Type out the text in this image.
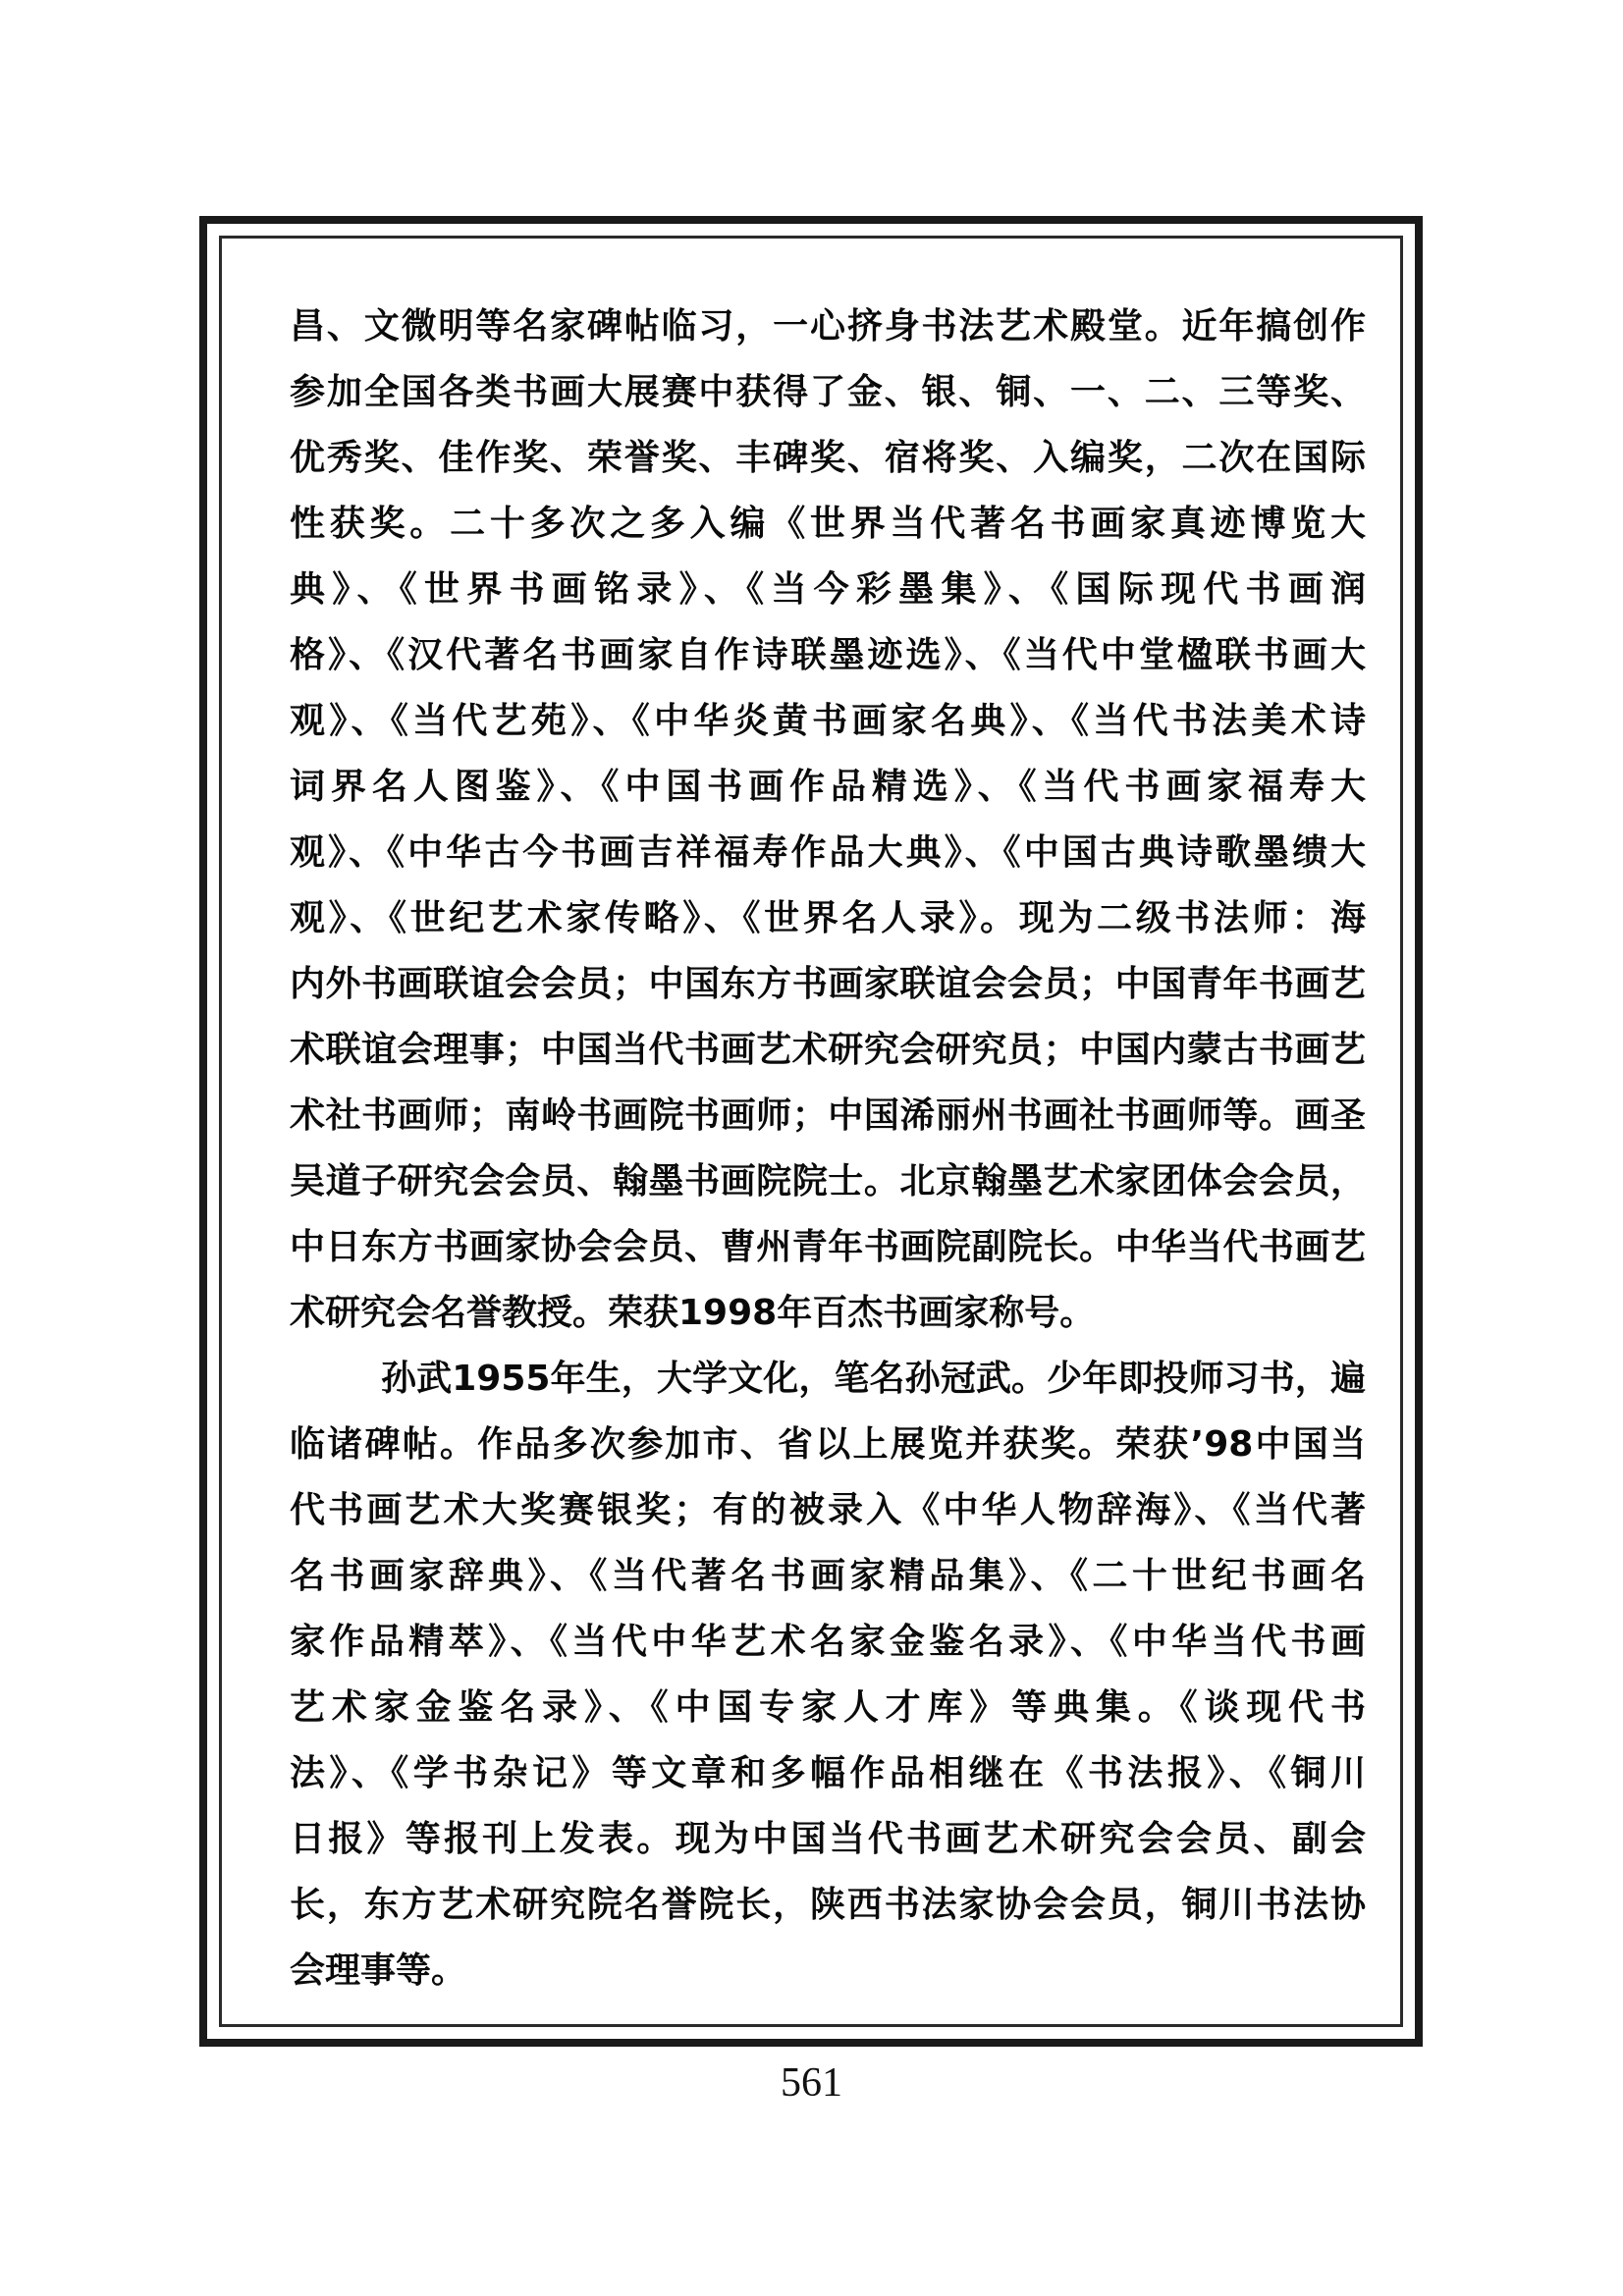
昌、文微明等名家碑帖临习，一心挤身书法艺术殿堂。近年搞创作
参加全国各类书画大展赛中获得了金、银、铜、一、二、三等奖、
优秀奖、佳作奖、荣誉奖、丰碑奖、宿将奖、入编奖，二次在国际
性获奖。二十多次之多入编《世界当代著名书画家真迹博览大
典》、《世界书画铭录》、《当今彩墨集》、《国际现代书画润
格》、《汉代著名书画家自作诗联墨迹选》、《当代中堂楹联书画大
观》、《当代艺苑》、《中华炎黄书画家名典》、《当代书法美术诗
词界名人图鉴》、《中国书画作品精选》、《当代书画家福寿大
观》、《中华古今书画吉祥福寿作品大典》、《中国古典诗歌墨缋大
观》、《世纪艺术家传略》、《世界名人录》。现为二级书法师：海
内外书画联谊会会员；中国东方书画家联谊会会员；中国青年书画艺
术联谊会理事；中国当代书画艺术研究会研究员；中国内蒙古书画艺
术社书画师；南岭书画院书画师；中国浠丽州书画社书画师等。画圣
吴道子研究会会员、翰墨书画院院士。北京翰墨艺术家团体会会员，
中日东方书画家协会会员、曹州青年书画院副院长。中华当代书画艺
术研究会名誉教授。荣获1998年百杰书画家称号。
孙武1955年生，大学文化，笔名孙冠武。少年即投师习书，遍
临诸碑帖。作品多次参加市、省以上展览并获奖。荣获’98中国当
代书画艺术大奖赛银奖；有的被录入《中华人物辞海》、《当代著
名书画家辞典》、《当代著名书画家精品集》、《二十世纪书画名
家作品精萃》、《当代中华艺术名家金鉴名录》、《中华当代书画
艺术家金鉴名录》、《中国专家人才库》等典集。《谈现代书
法》、《学书杂记》等文章和多幅作品相继在《书法报》、《铜川
日报》等报刊上发表。现为中国当代书画艺术研究会会员、副会
长，东方艺术研究院名誉院长，陕西书法家协会会员，铜川书法协
会理事等。
561
